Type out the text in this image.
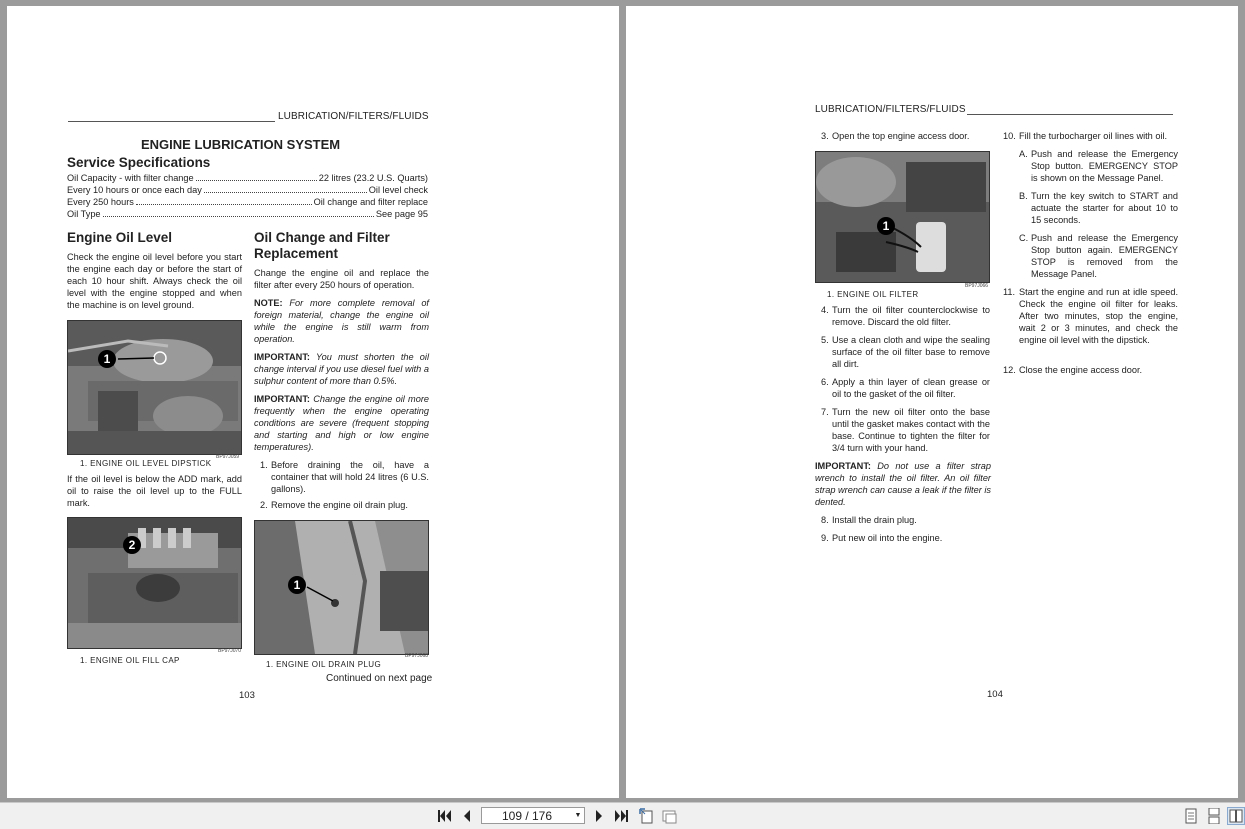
LUBRICATION/FILTERS/FLUIDS
ENGINE LUBRICATION SYSTEM
Service Specifications
Oil Capacity - with filter change	22 litres (23.2 U.S. Quarts)
Every 10 hours or once each day	Oil level check
Every 250 hours	Oil change and filter replace
Oil Type	See page 95
Engine Oil Level
Check the engine oil level before you start the engine each day or before the start of each 10 hour shift. Always check the oil level with the engine stopped and when the machine is on level ground.
1
BP97J059
1. ENGINE OIL LEVEL DIPSTICK
If the oil level is below the ADD mark, add oil to raise the oil level up to the FULL mark.
2
BP97J070
1. ENGINE OIL FILL CAP
Oil Change and Filter
Replacement
Change the engine oil and replace the filter after every 250 hours of operation.
NOTE: For more complete removal of foreign material, change the engine oil while the engine is still warm from operation.
IMPORTANT: You must shorten the oil change interval if you use diesel fuel with a sulphur content of more than 0.5%.
IMPORTANT: Change the engine oil more frequently when the engine operating conditions are severe (frequent stopping and starting and high or low engine temperatures).
1. Before draining the oil, have a container that will hold 24 litres (6 U.S. gallons).
2. Remove the engine oil drain plug.
1
BP97J068
1. ENGINE OIL DRAIN PLUG
Continued on next page
103
LUBRICATION/FILTERS/FLUIDS
3. Open the top engine access door.
1
BP97J066
1. ENGINE OIL FILTER
4. Turn the oil filter counterclockwise to remove. Discard the old filter.
5. Use a clean cloth and wipe the sealing surface of the oil filter base to remove all dirt.
6. Apply a thin layer of clean grease or oil to the gasket of the oil filter.
7. Turn the new oil filter onto the base until the gasket makes contact with the base. Continue to tighten the filter for 3/4 turn with your hand.
IMPORTANT: Do not use a filter strap wrench to install the oil filter. An oil filter strap wrench can cause a leak if the filter is dented.
8. Install the drain plug.
9. Put new oil into the engine.
10. Fill the turbocharger oil lines with oil.
A. Push and release the Emergency Stop button. EMERGENCY STOP is shown on the Message Panel.
B. Turn the key switch to START and actuate the starter for about 10 to 15 seconds.
C. Push and release the Emergency Stop button again. EMERGENCY STOP is removed from the Message Panel.
11. Start the engine and run at idle speed. Check the engine oil filter for leaks. After two minutes, stop the engine, wait 2 or 3 minutes, and check the engine oil level with the dipstick.
12. Close the engine access door.
104
109 / 176	▼
